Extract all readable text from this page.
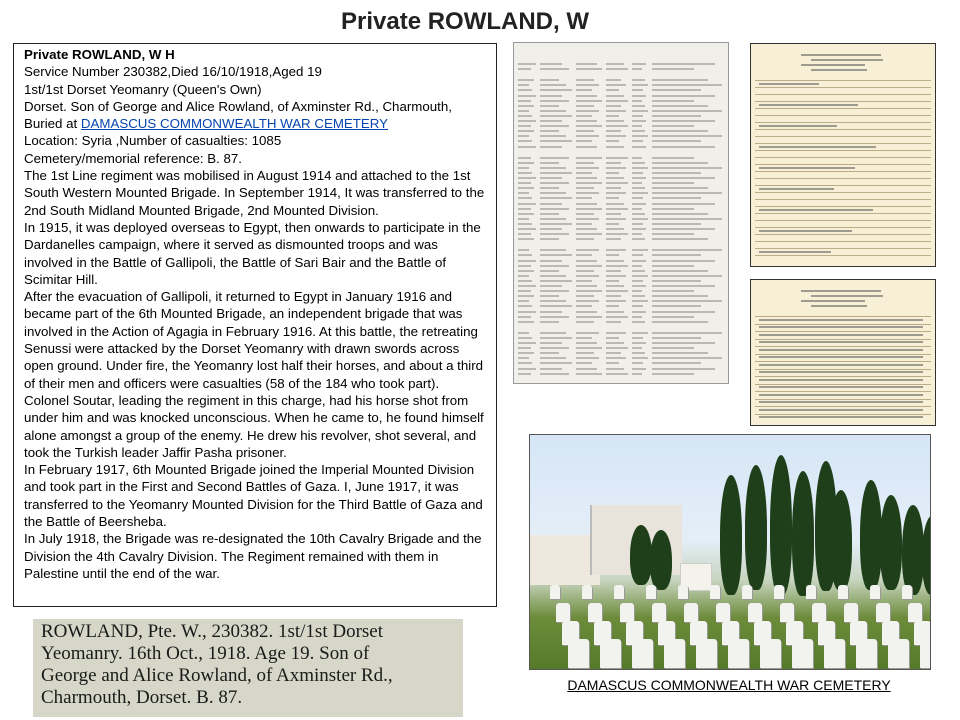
Private ROWLAND, W

Private ROWLAND, W H

Service Number 230382,Died 16/10/1918,Aged 19

1st/1st Dorset Yeomanry (Queen's Own)

Dorset. Son of George and Alice Rowland, of Axminster Rd., Charmouth,

Buried at DAMASCUS COMMONWEALTH WAR CEMETERY

Location: Syria ,Number of casualties: 1085

Cemetery/memorial reference: B. 87.

The 1st Line regiment was mobilised in August 1914 and attached to the 1st South Western Mounted Brigade. In September 1914, It was transferred to the 2nd South Midland Mounted Brigade, 2nd Mounted Division.

In 1915, it was deployed overseas to Egypt, then onwards to participate in the Dardanelles campaign, where it served as dismounted troops and was involved in the Battle of Gallipoli, the Battle of Sari Bair and the Battle of Scimitar Hill.

After the evacuation of Gallipoli, it returned to Egypt in January 1916 and became part of the 6th Mounted Brigade, an independent brigade that was involved in the Action of Agagia in February 1916. At this battle, the retreating Senussi were attacked by the Dorset Yeomanry with drawn swords across open ground. Under fire, the Yeomanry lost half their horses, and about a third of their men and officers were casualties (58 of the 184 who took part). Colonel Soutar, leading the regiment in this charge, had his horse shot from under him and was knocked unconscious. When he came to, he found himself alone amongst a group of the enemy. He drew his revolver, shot several, and took the Turkish leader Jaffir Pasha prisoner.

In February 1917, 6th Mounted Brigade joined the Imperial Mounted Division and took part in the First and Second Battles of Gaza. I, June 1917, it was transferred to the Yeomanry Mounted Division for the Third Battle of Gaza and the Battle of Beersheba.

In July 1918, the Brigade was re-designated the 10th Cavalry Brigade and the Division the 4th Cavalry Division. The Regiment remained with them in Palestine until the end of the war.

DAMASCUS COMMONWEALTH WAR CEMETERY
ROWLAND, Pte. W., 230382. 1st/1st Dorset
Yeomanry. 16th Oct., 1918. Age 19. Son of
George and Alice Rowland, of Axminster Rd.,
Charmouth, Dorset. B. 87.
